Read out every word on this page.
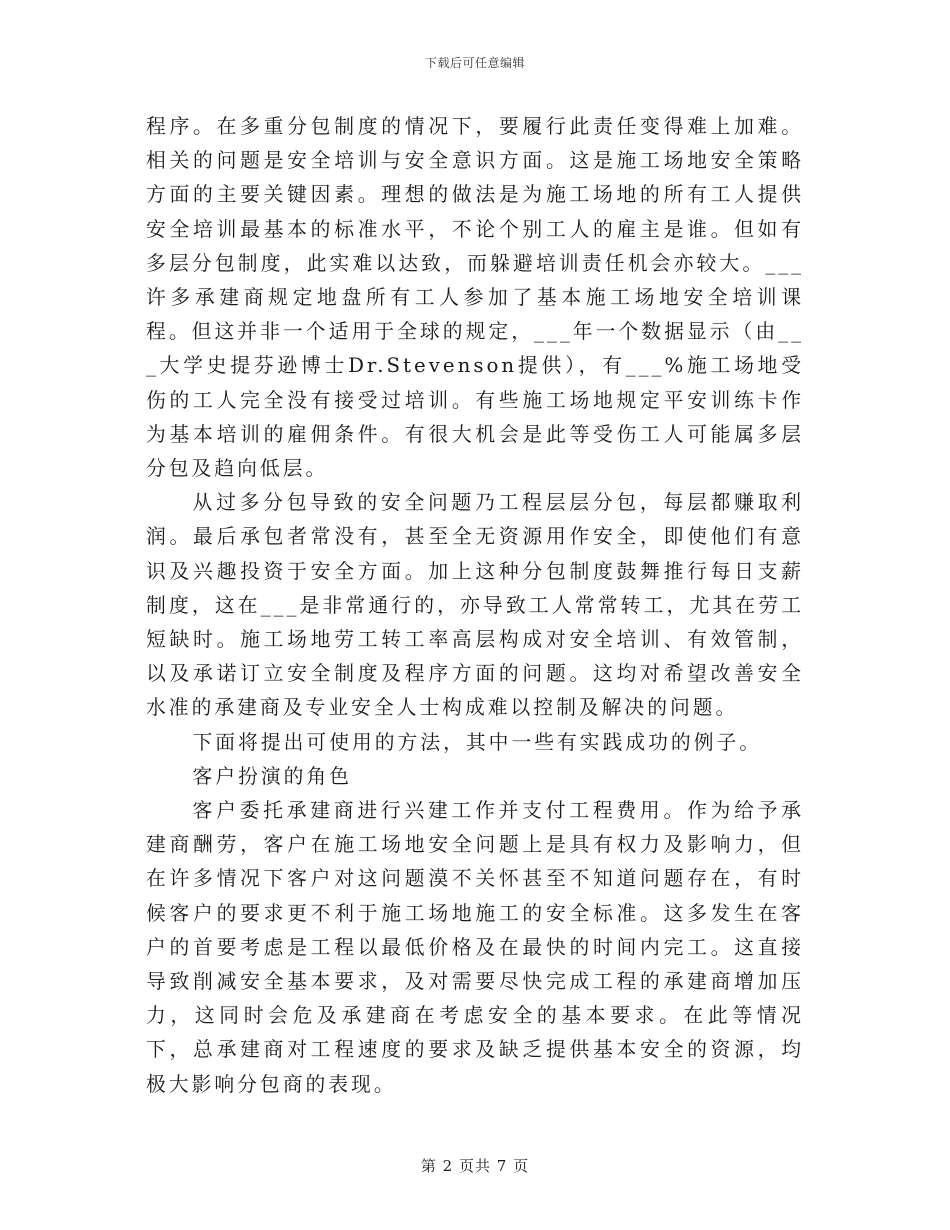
下载后可任意编辑

程序。在多重分包制度的情况下，要履行此责任变得难上加难。相关的问题是安全培训与安全意识方面。这是施工场地安全策略方面的主要关键因素。理想的做法是为施工场地的所有工人提供安全培训最基本的标准水平，不论个别工人的雇主是谁。但如有多层分包制度，此实难以达致，而躲避培训责任机会亦较大。___许多承建商规定地盘所有工人参加了基本施工场地安全培训课程。但这并非一个适用于全球的规定，___年一个数据显示（由___大学史提芬逊博士Dr.Stevenson提供），有___%施工场地受伤的工人完全没有接受过培训。有些施工场地规定平安训练卡作为基本培训的雇佣条件。有很大机会是此等受伤工人可能属多层分包及趋向低层。

从过多分包导致的安全问题乃工程层层分包，每层都赚取利润。最后承包者常没有，甚至全无资源用作安全，即使他们有意识及兴趣投资于安全方面。加上这种分包制度鼓舞推行每日支薪制度，这在___是非常通行的，亦导致工人常常转工，尤其在劳工短缺时。施工场地劳工转工率高层构成对安全培训、有效管制，以及承诺订立安全制度及程序方面的问题。这均对希望改善安全水准的承建商及专业安全人士构成难以控制及解决的问题。

下面将提出可使用的方法，其中一些有实践成功的例子。

客户扮演的角色

客户委托承建商进行兴建工作并支付工程费用。作为给予承建商酬劳，客户在施工场地安全问题上是具有权力及影响力，但在许多情况下客户对这问题漠不关怀甚至不知道问题存在，有时候客户的要求更不利于施工场地施工的安全标准。这多发生在客户的首要考虑是工程以最低价格及在最快的时间内完工。这直接导致削减安全基本要求，及对需要尽快完成工程的承建商增加压力，这同时会危及承建商在考虑安全的基本要求。在此等情况下，总承建商对工程速度的要求及缺乏提供基本安全的资源，均极大影响分包商的表现。

第 2 页共 7 页
